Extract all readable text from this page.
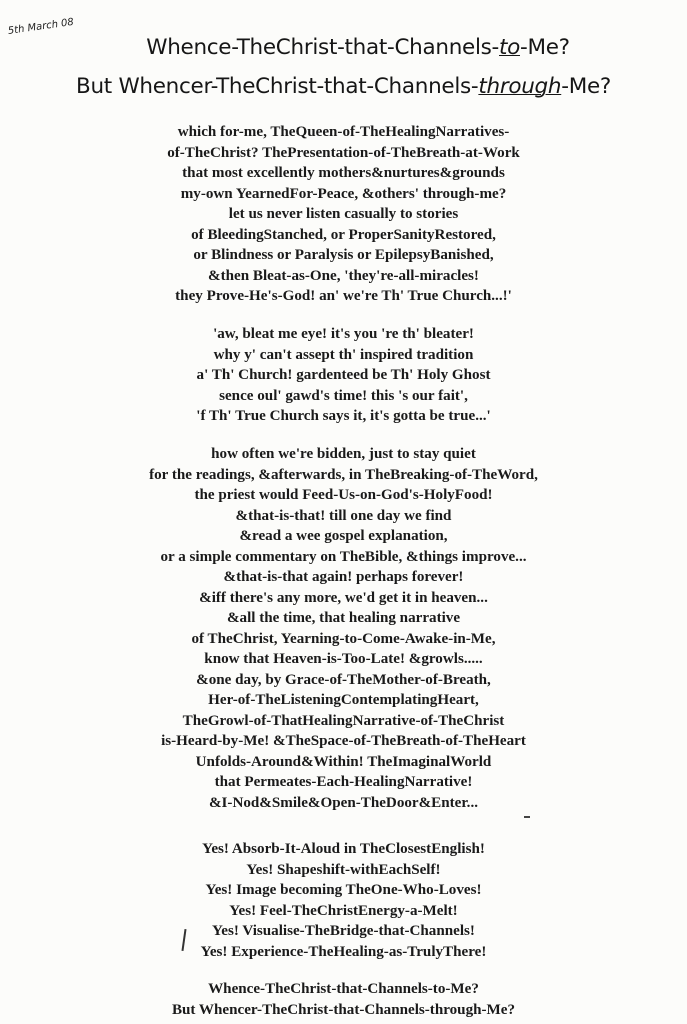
5th March 08
Whence-TheChrist-that-Channels-to-Me?
But Whencer-TheChrist-that-Channels-through-Me?
which for-me, TheQueen-of-TheHealingNarratives-
of-TheChrist? ThePresentation-of-TheBreath-at-Work
that most excellently mothers&nurtures&grounds
my-own YearnedFor-Peace, &others' through-me?
let us never listen casually to stories
of BleedingStanched, or ProperSanityRestored,
or Blindness or Paralysis or EpilepsyBanished,
&then Bleat-as-One, 'they're-all-miracles!
they Prove-He's-God! an' we're Th' True Church...!'
'aw, bleat me eye! it's you 're th' bleater!
why y' can't assept th' inspired tradition
a' Th' Church! gardenteed be Th' Holy Ghost
sence oul' gawd's time! this 's our fait',
'f Th' True Church says it, it's gotta be true...'
how often we're bidden, just to stay quiet
for the readings, &afterwards, in TheBreaking-of-TheWord,
the priest would Feed-Us-on-God's-HolyFood!
&that-is-that! till one day we find
&read a wee gospel explanation,
or a simple commentary on TheBible, &things improve...
&that-is-that again! perhaps forever!
&iff there's any more, we'd get it in heaven...
&all the time, that healing narrative
of TheChrist, Yearning-to-Come-Awake-in-Me,
know that Heaven-is-Too-Late! &growls.....
&one day, by Grace-of-TheMother-of-Breath,
Her-of-TheListeningContemplatingHeart,
TheGrowl-of-ThatHealingNarrative-of-TheChrist
is-Heard-by-Me! &TheSpace-of-TheBreath-of-TheHeart
Unfolds-Around&Within! TheImaginalWorld
that Permeates-Each-HealingNarrative!
&I-Nod&Smile&Open-TheDoor&Enter...
Yes! Absorb-It-Aloud in TheClosestEnglish!
Yes! Shapeshift-withEachSelf!
Yes! Image becoming TheOne-Who-Loves!
Yes! Feel-TheChristEnergy-a-Melt!
Yes! Visualise-TheBridge-that-Channels!
Yes! Experience-TheHealing-as-TrulyThere!
Whence-TheChrist-that-Channels-to-Me?
But Whencer-TheChrist-that-Channels-through-Me?
